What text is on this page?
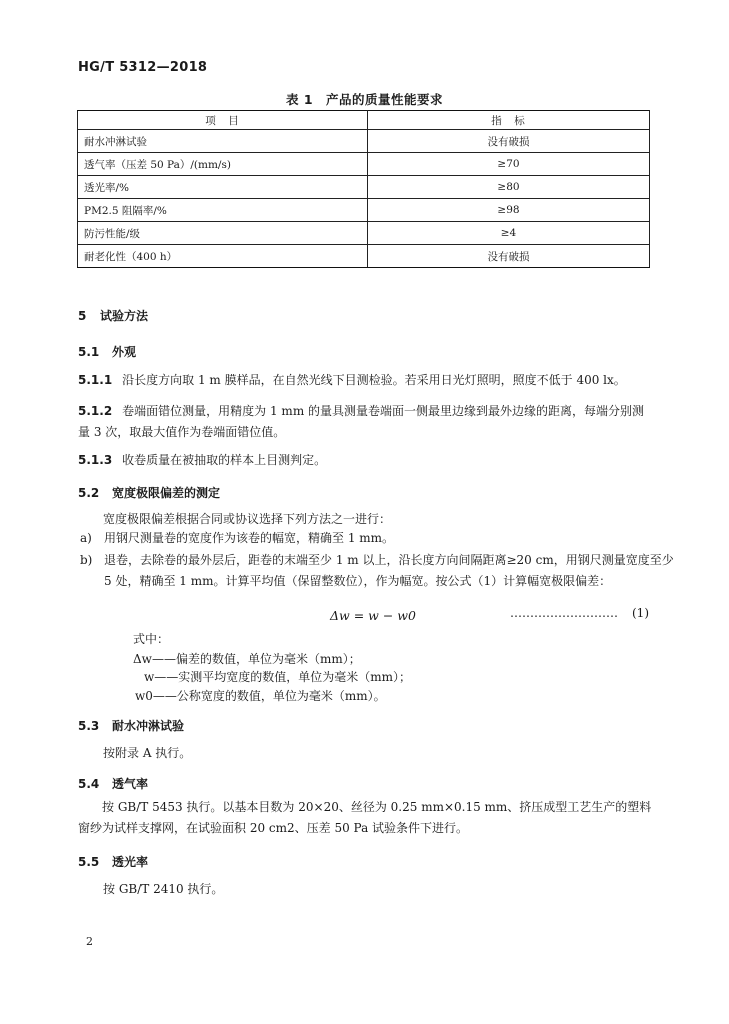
HG/T 5312—2018
表 1　产品的质量性能要求
项　目	指　标
耐水冲淋试验	没有破损
透气率（压差 50 Pa）/(mm/s)	≥70
透光率/%	≥80
PM2.5 阻隔率/%	≥98
防污性能/级	≥4
耐老化性（400 h）	没有破损
5 试验方法
5.1 外观
5.1.1 沿长度方向取 1 m 膜样品，在自然光线下目测检验。若采用日光灯照明，照度不低于 400 lx。
5.1.2 卷端面错位测量，用精度为 1 mm 的量具测量卷端面一侧最里边缘到最外边缘的距离，每端分别测量 3 次，取最大值作为卷端面错位值。
5.1.3 收卷质量在被抽取的样本上目测判定。
5.2 宽度极限偏差的测定
宽度极限偏差根据合同或协议选择下列方法之一进行：
a) 用钢尺测量卷的宽度作为该卷的幅宽，精确至 1 mm。
b) 退卷，去除卷的最外层后，距卷的末端至少 1 m 以上，沿长度方向间隔距离≥20 cm，用钢尺测量宽度至少 5 处，精确至 1 mm。计算平均值（保留整数位），作为幅宽。按公式（1）计算幅宽极限偏差：
Δw = w − w0	……………………… (1)
式中：
Δw——偏差的数值，单位为毫米（mm）；
w——实测平均宽度的数值，单位为毫米（mm）；
w0——公称宽度的数值，单位为毫米（mm）。
5.3 耐水冲淋试验
按附录 A 执行。
5.4 透气率
按 GB/T 5453 执行。以基本目数为 20×20、丝径为 0.25 mm×0.15 mm、挤压成型工艺生产的塑料窗纱为试样支撑网，在试验面积 20 cm2、压差 50 Pa 试验条件下进行。
5.5 透光率
按 GB/T 2410 执行。
2
